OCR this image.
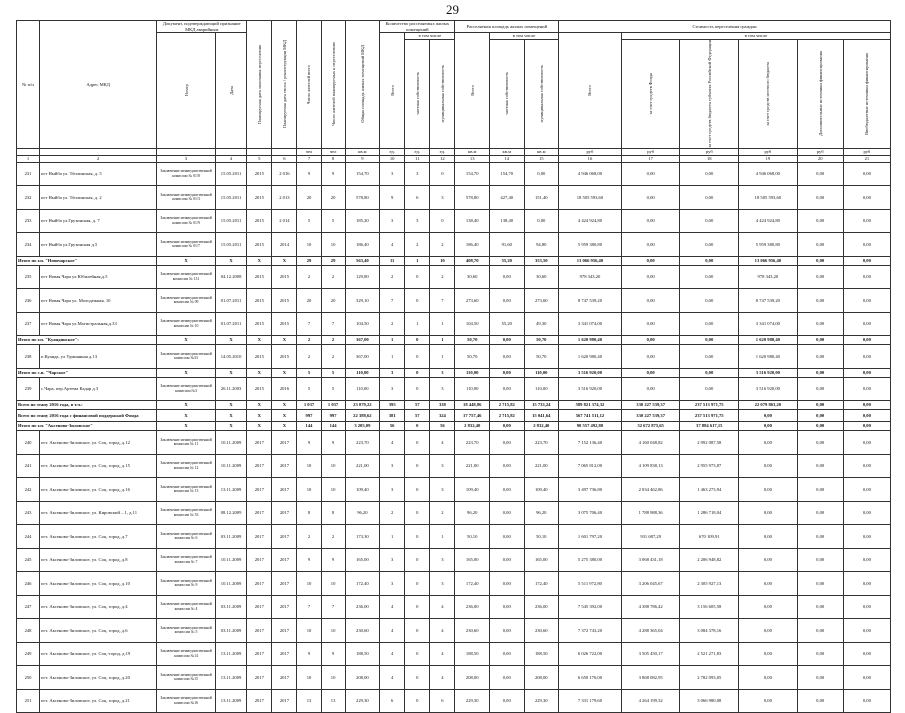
29
№ п/п	Адрес МКД	Документ, подтверждающий признание МКД аварийным		Планируемая дата окончания переселения	Планируемая дата сноса / реконструкции МКД	Число жителей всего	Число жителей планируемых к переселению	Общая площадь жилых помещений МКД	Количество расселяемых жилых помещений			Расселяемая площадь жилых помещений			Стоимость переселения граждан					

		Номер	Дата						Всего	в том числе		Всего	в том числе		Всего	в том числе				

										частная собственность	муниципальная собственность		частная собственность	муниципальная собственность		за счет средств Фонда	за счет средств бюджета субъекта Российской Федерации	за счет средств местного бюджета	Дополнительные источники финансирования	Внебюджетные источники финансирования

						чел	чел	кв.м	ед.	ед.	ед.	кв.м	кв.м	кв.м	руб	руб	руб	руб	руб	руб
1	2	3	4	5	6	7	8	9	10	11	12	13	14	15	16	17	18	19	20	21
231	пгт Ныйба ул. Тёплинская, д. 5	Заключение межведомственной комиссии № 01/8	15.05.2011	2015	2 016	9	9	154,70	3	3	0	154,70	154,70	0,00	4 946 068,00	0,00	0,00	4 946 068,00	0,00	0,00
232	пгт Ныйба ул. Тёплинская, д. 2	Заключение межведомственной комиссии № 01/3	15.05.2011	2015	2 013	20	20	578,80	9	6	3	578,80	427,40	151,40	18 505 593,60	0,00	0,00	18 505 593,60	0,00	0,00
233	пгт Ныйба ул.Грузинская, д. 7	Заключение межведомственной комиссии № 01/9	15.05.2011	2015	2 014	5	5	185,20	3	3	0	138,40	138,40	0,00	4 424 924,80	0,00	0,00	4 424 924,80	0,00	0,00
234	пгт Ныйба ул.Грузинская д.5	Заключение межведомственной комиссии № 01/7	15.05.2011	2015	2014	10	10	186,40	4	2	2	186,40	91,60	94,80	5 959 380,80	0,00	0,00	5 959 380,80	0,00	0,00
Итого по г.п. "Новочарское"		X	X	X	X	29	29	563,40	11	1	10	408,70	55,20	353,50	13 066 956,40	0,00	0,00	13 066 956,40	0,00	0,00
235	пгт Новая Чара ул.Юбилейная,д.5	Заключение межведомственной комиссии № 131	04.12.2008	2015	2015	2	2	129,80	2	0	2	30,60	0,00	30,60	978 343,20	0,00	0,00	978 343,20	0,00	0,00
236	пгт Новая Чара ул. Молодежная, 10	Заключение межведомственной комиссии № 09	01.07.2011	2015	2015	20	20	329,10	7	0	7	273,60	0,00	273,60	8 747 539,20	0,00	0,00	8 747 539,20	0,00	0,00
237	пгт Новая Чара ул.Магистральная,д.33	Заключение межведомственной комиссии № 10	01.07.2011	2015	2015	7	7	104,50	2	1	1	104,50	55,20	49,30	3 341 074,00	0,00	0,00	3 341 074,00	0,00	0,00
Итого по г.п. "Куандинское":		X	X	X	X	2	2	367,00	1	0	1	50,70	0,00	50,70	1 620 980,40	0,00	0,00	1 620 980,40	0,00	0,00
238	п.Куанда, ул Удмиянная д.13	Заключение межведомственной комиссии №33	14.05.2010	2015	2015	2	2	367,00	1	0	1	50,70	0,00	50,70	1 620 980,40	0,00	0,00	1 620 980,40	0,00	0,00
Итого по с.п. "Чарское"		X	X	X	X	5	5	110,00	3	0	3	110,00	0,00	110,00	3 516 920,00	0,00	0,00	3 516 920,00	0,00	0,00
239	с.Чара, пер.Артема Кадар д.3	Заключение межведомственной комиссии №3	26.11.2003	2015	2016	5	5	110,00	3	0	3	110,00	0,00	110,00	3 516 920,00	0,00	0,00	3 516 920,00	0,00	0,00
Всего по этапу 2016 года, в т.ч.:		X	X	X	X	1 037	1 037	23 079,22	395	57	338	18 448,86	2 715,82	15 733,24	589 821 374,32	330 227 539,37	237 513 971,75	22 079 863,20	0,00	0,00
Всего по этапу 2016 года с финансовой поддержкой Фонда		X	X	X	X	997	997	22 388,62	381	57	324	17 757,46	2 715,82	15 041,64	567 741 511,12	330 227 539,37	237 513 971,75	0,00	0,00	0,00
Итого по г.п. "Аксеново-Зиловское"		X	X	X	X	144	144	3 205,09	56	0	56	2 832,40	0,00	2 832,40	90 557 492,80	52 672 875,65	37 884 617,15	0,00	0,00	0,00
240	пгт. Аксеново-Зиловское, ул. Соц. город, д.12	Заключение межведомственной комиссии № 11	10.11.2009	2017	2017	9	9	223,70	4	0	4	223,70	0,00	223,70	7 152 136,40	4 160 048,82	2 992 087,58	0,00	0,00	0,00
241	пгт. Аксеново-Зиловское, ул. Соц. город, д.15	Заключение межведомственной комиссии № 12	10.11.2009	2017	2017	10	10	221,00	3	0	3	221,00	0,00	221,00	7 065 812,00	4 109 838,13	2 955 973,87	0,00	0,00	0,00
242	пгт. Аксеново-Зиловское, ул. Соц. город, д.16	Заключение межведомственной комиссии № 13	13.11.2009	2017	2017	10	10	109,40	3	0	3	109,40	0,00	109,40	3 497 736,80	2 034 462,86	1 463 273,94	0,00	0,00	0,00
243	пгт. Аксеново-Зиловское, ул. Кировский – 1, д.11	Заключение межведомственной комиссии № 53	08.12.2009	2017	2017	8	8	96,20	2	0	2	96,20	0,00	96,20	3 075 706,40	1 788 988,36	1 286 718,04	0,00	0,00	0,00
244	пгт. Аксеново-Зиловское, ул. Соц. город, д.7	Заключение межведомственной комиссии № 6	03.11.2009	2017	2017	2	2	173,30	1	0	1	50,10	0,00	50,10	1 601 797,20	931 687,29	670 109,91	0,00	0,00	0,00
245	пгт. Аксеново-Зиловское, ул. Соц. город, д.8	Заключение межведомственной комиссии № 7	10.11.2009	2017	2017	9	9	165,00	3	0	3	165,00	0,00	165,00	5 275 380,00	3 068 431,18	2 206 948,82	0,00	0,00	0,00
246	пгт. Аксеново-Зиловское, ул. Соц. город, д.10	Заключение межведомственной комиссии № 9	10.11.2009	2017	2017	10	10	172,40	3	0	3	172,40	0,00	172,40	5 511 972,80	3 206 045,67	2 305 927,13	0,00	0,00	0,00
247	пгт. Аксеново-Зиловское, ул. Соц. город, д.4	Заключение межведомственной комиссии № 4	03.11.2009	2017	2017	7	7	236,00	4	0	4	236,00	0,00	236,00	7 545 392,00	4 388 786,42	3 156 605,58	0,00	0,00	0,00
248	пгт. Аксеново-Зиловское, ул. Соц. город, д.6	Заключение межведомственной комиссии № 5	03.11.2009	2017	2017	10	10	230,60	4	0	4	230,60	0,00	230,60	7 372 743,20	4 288 365,04	3 084 378,16	0,00	0,00	0,00
249	пгт. Аксеново-Зиловское, ул. Соц.-город, д.19	Заключение межведомственной комиссии №14	13.11.2009	2017	2017	9	9	188,50	4	0	4	188,50	0,00	188,50	6 026 722,00	3 505 450,17	2 521 271,83	0,00	0,00	0,00
250	пгт. Аксеново-Зиловское, ул. Соц. город, д.20	Заключение межведомственной комиссии №15	13.11.2009	2017	2017	10	10	208,00	4	0	4	208,00	0,00	208,00	6 650 176,00	3 868 082,95	2 782 093,05	0,00	0,00	0,00
251	пгт. Аксеново-Зиловское, ул. Соц. город, д.21	Заключение межведомственной комиссии №16	13.11.2009	2017	2017	13	13	229,30	6	0	6	229,30	0,00	229,30	7 331 179,60	4 264 199,32	3 066 980,08	0,00	0,00	0,00
